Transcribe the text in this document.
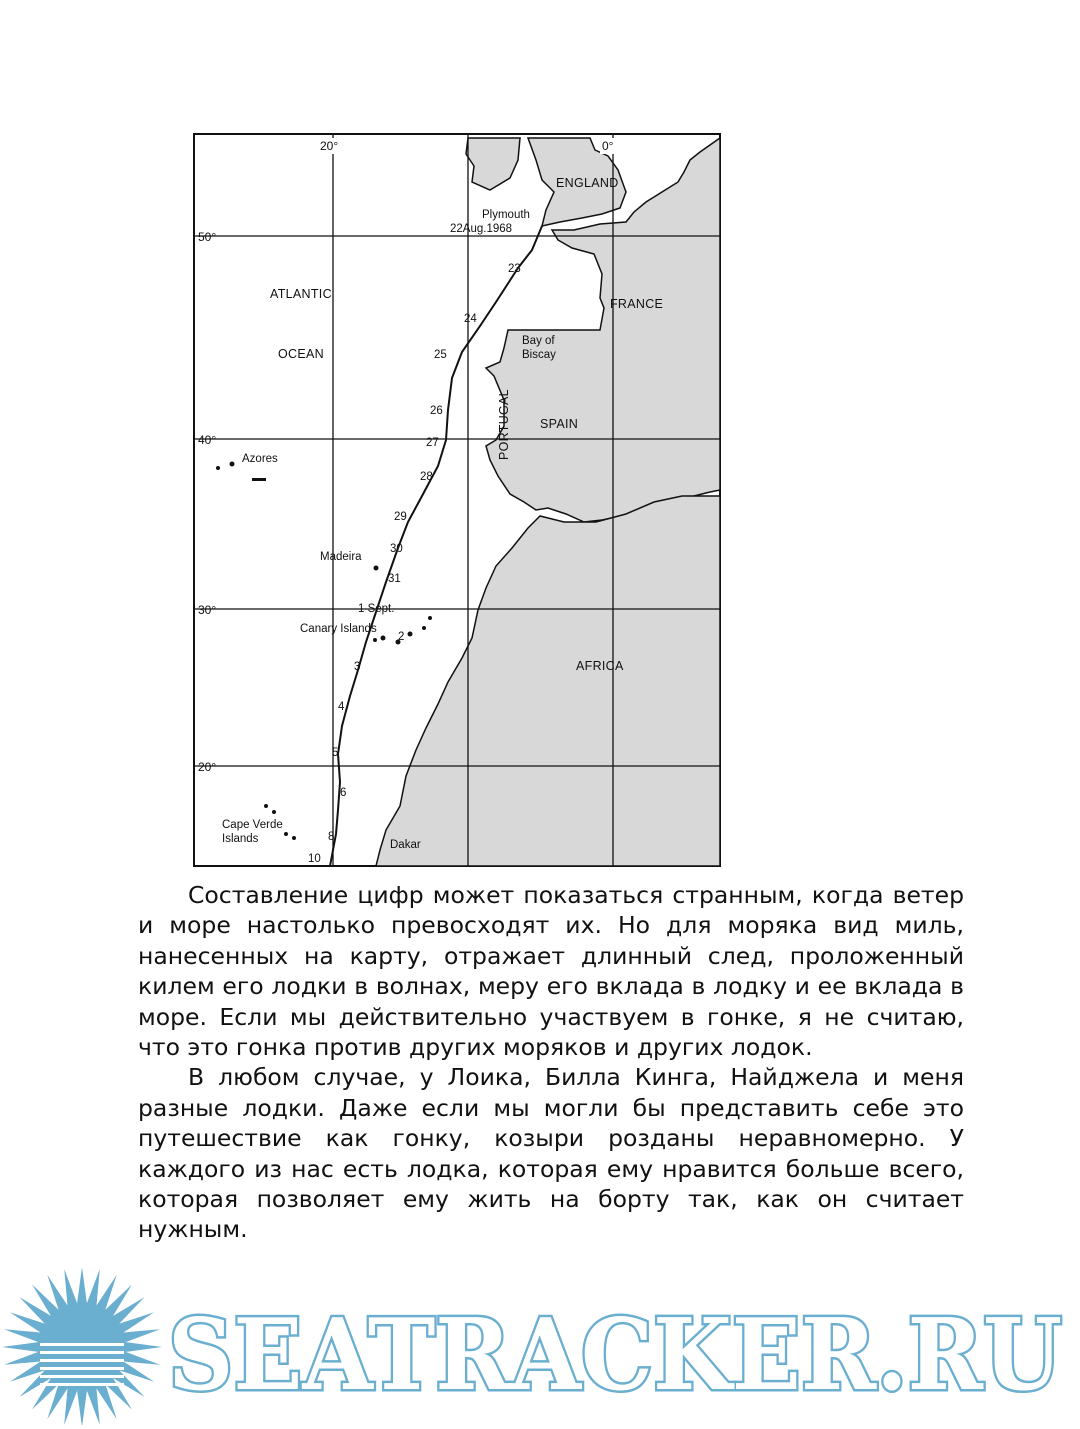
20°	0°
50°
40°
30°
20°
ENGLAND
FRANCE
SPAIN
PORTUGAL
AFRICA
Plymouth
22Aug.1968
ATLANTIC
OCEAN
Bay of
Biscay
Azores
Madeira
Canary Islands
Cape Verde
Islands	Dakar
23
24
25
26
27
28
29
30
31
1 Sept.
2
3
4
5
6
8
10

Составление цифр может показаться странным, когда ветер и море настолько превосходят их. Но для моряка вид миль, нанесенных на карту, отражает длинный след, проложенный килем его лодки в волнах, меру его вклада в лодку и ее вклада в море. Если мы действительно участвуем в гонке, я не считаю, что это гонка против других моряков и других лодок.

В любом случае, у Лоика, Билла Кинга, Найджела и меня разные лодки. Даже если мы могли бы представить себе это путешествие как гонку, козыри розданы неравномерно. У каждого из нас есть лодка, которая ему нравится больше всего, которая позволяет ему жить на борту так, как он считает нужным.

SEATRACKER.RU
